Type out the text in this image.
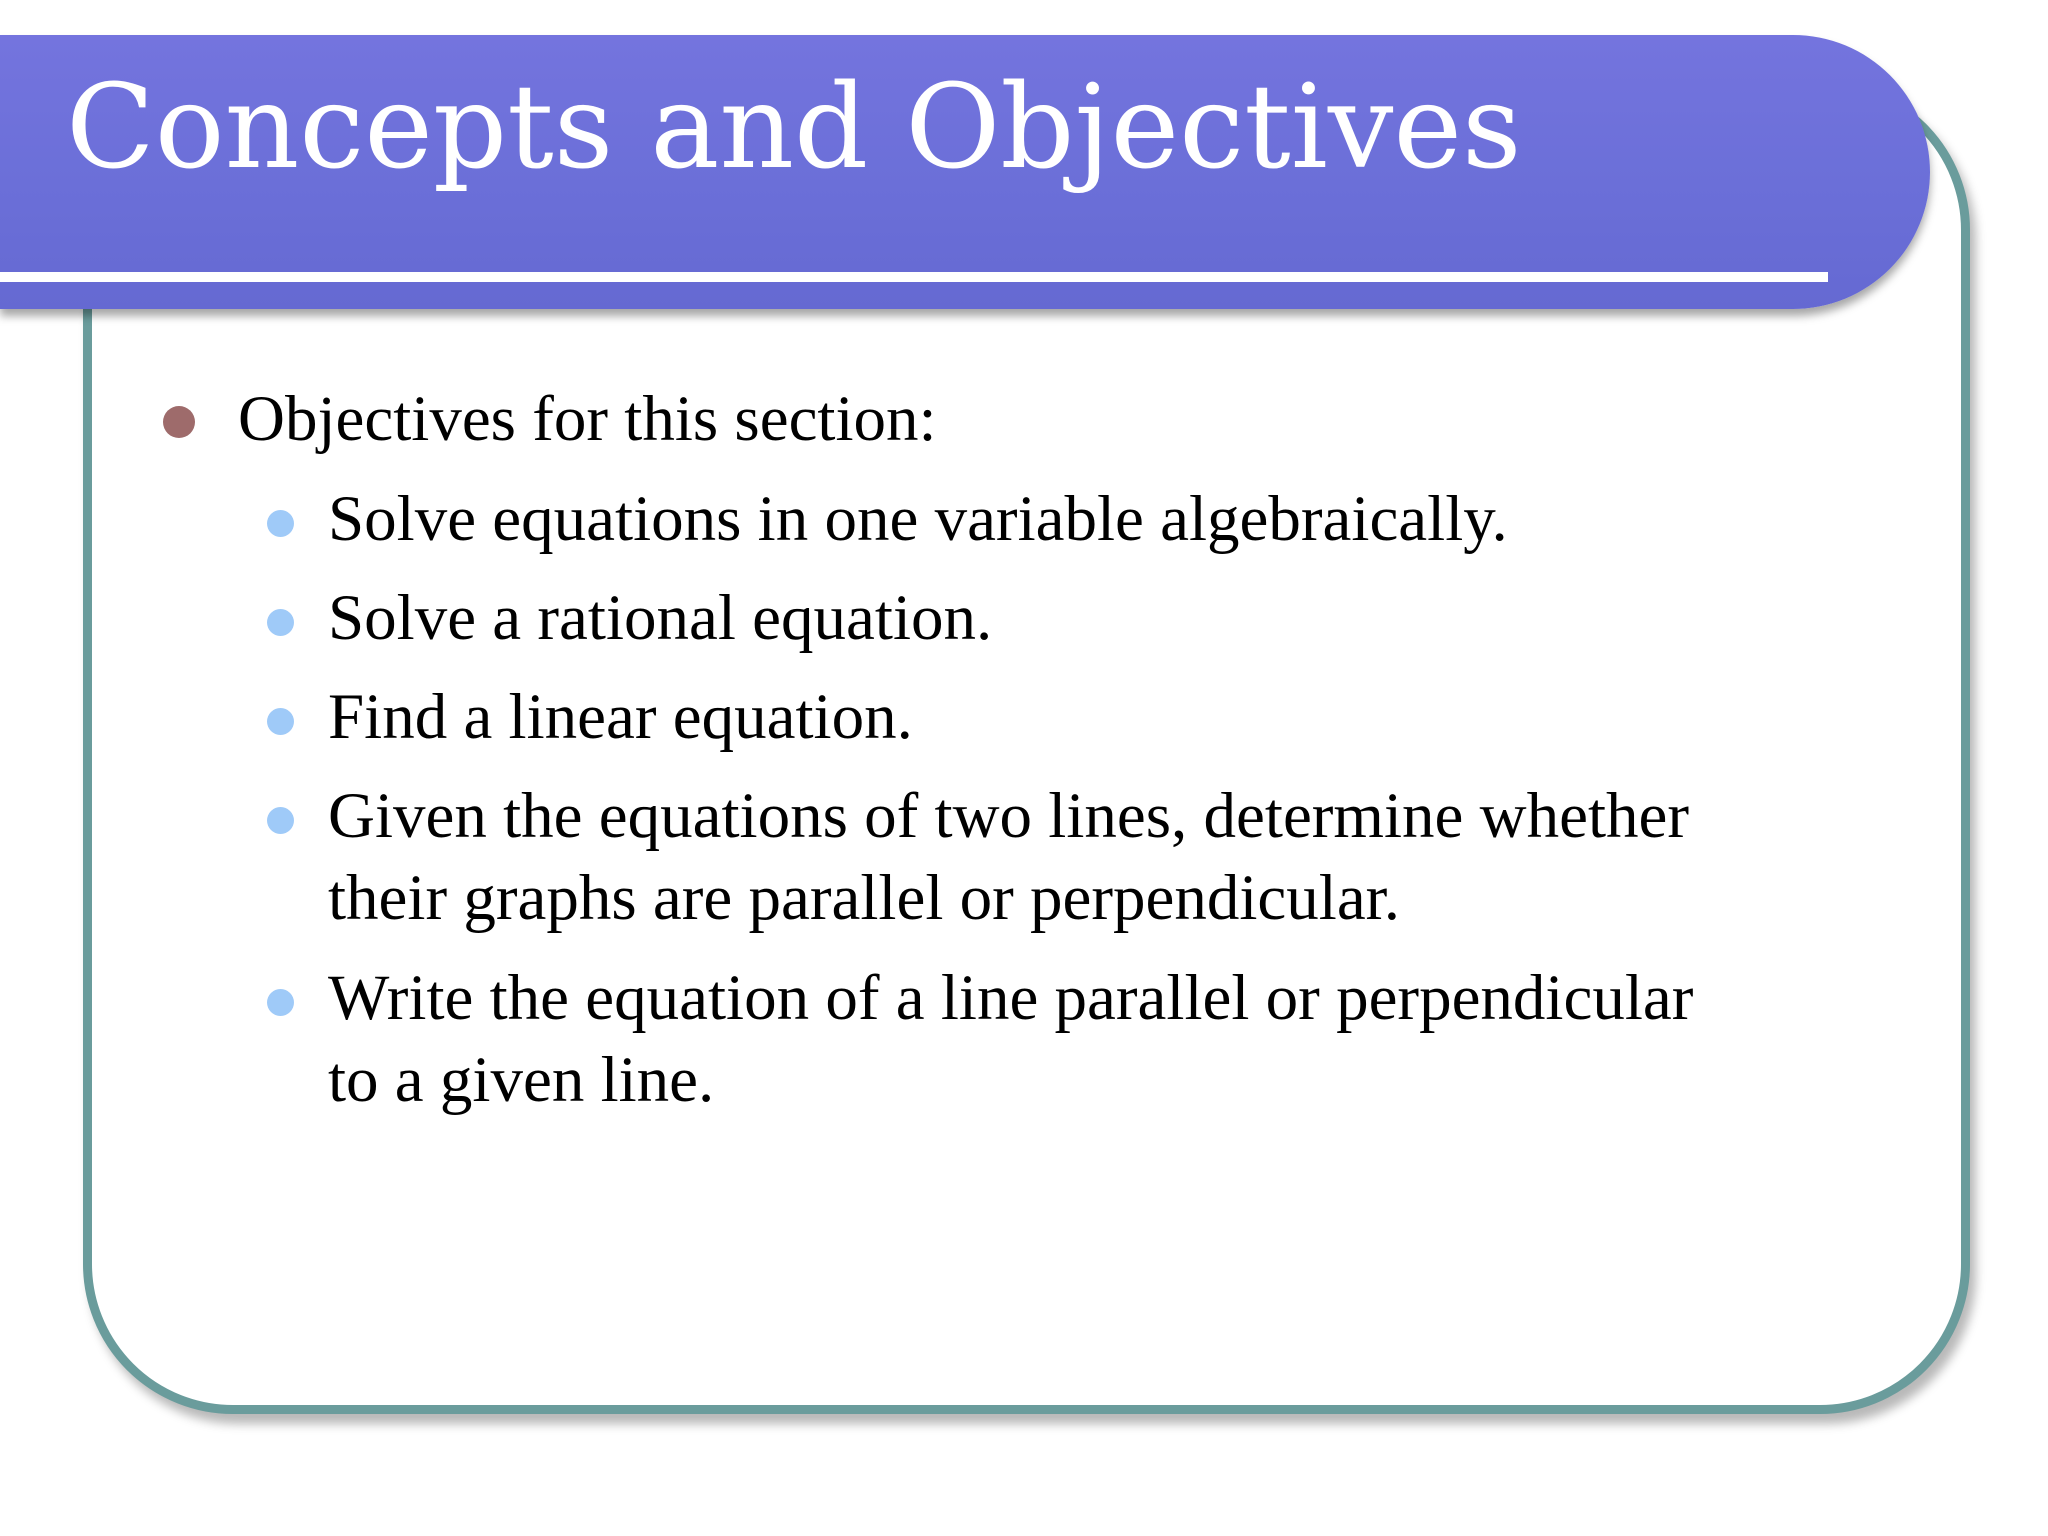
Concepts and Objectives
Objectives for this section:
Solve equations in one variable algebraically.
Solve a rational equation.
Find a linear equation.
Given the equations of two lines, determine whether
their graphs are parallel or perpendicular.
Write the equation of a line parallel or perpendicular
to a given line.
